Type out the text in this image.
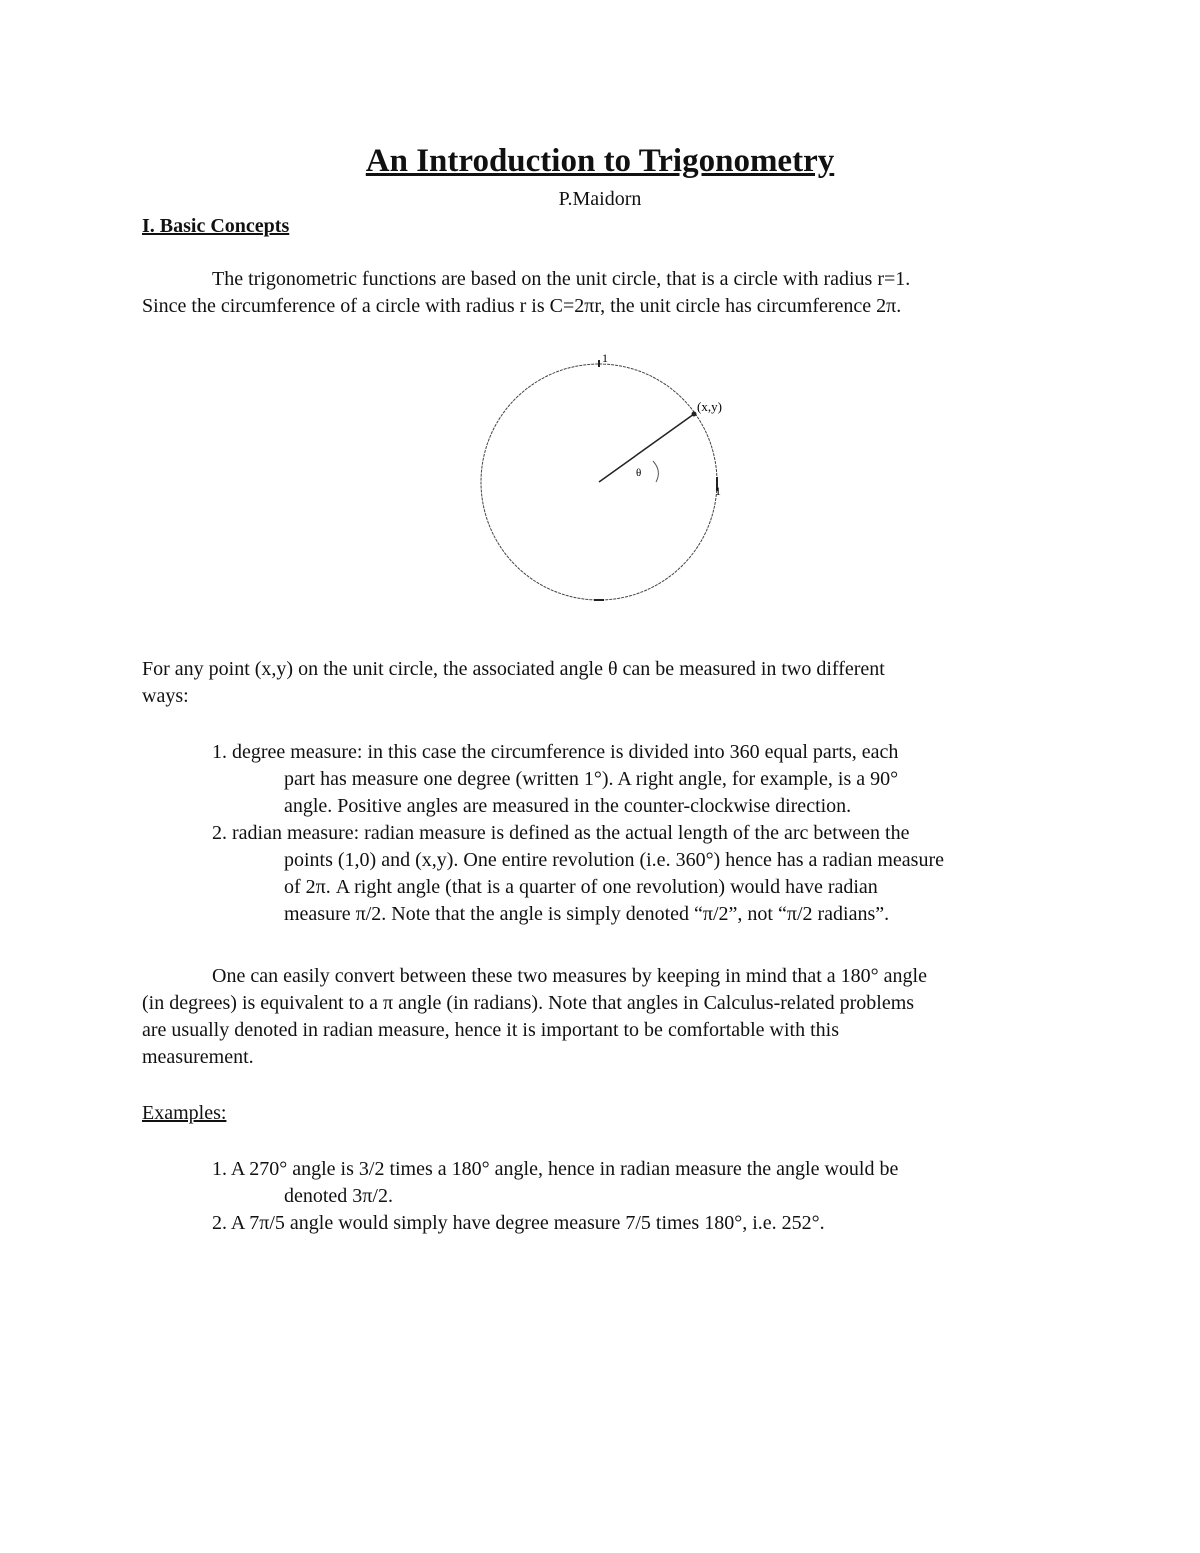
An Introduction to Trigonometry
P.Maidorn
I. Basic Concepts
The trigonometric functions are based on the unit circle, that is a circle with radius r=1.
Since the circumference of a circle with radius r is C=2πr, the unit circle has circumference 2π.
1
1
(x,y)
θ
For any point (x,y) on the unit circle, the associated angle θ can be measured in two different
ways:
1. degree measure: in this case the circumference is divided into 360 equal parts, each
part has measure one degree (written 1°). A right angle, for example, is a 90°
angle. Positive angles are measured in the counter-clockwise direction.
2. radian measure: radian measure is defined as the actual length of the arc between the
points (1,0) and (x,y). One entire revolution (i.e. 360°) hence has a radian measure
of 2π. A right angle (that is a quarter of one revolution) would have radian
measure π/2. Note that the angle is simply denoted “π/2”, not “π/2 radians”.
One can easily convert between these two measures by keeping in mind that a 180° angle
(in degrees) is equivalent to a π angle (in radians). Note that angles in Calculus-related problems
are usually denoted in radian measure, hence it is important to be comfortable with this
measurement.
Examples:
1. A 270° angle is 3/2 times a 180° angle, hence in radian measure the angle would be
denoted 3π/2.
2. A 7π/5 angle would simply have degree measure 7/5 times 180°, i.e. 252°.
